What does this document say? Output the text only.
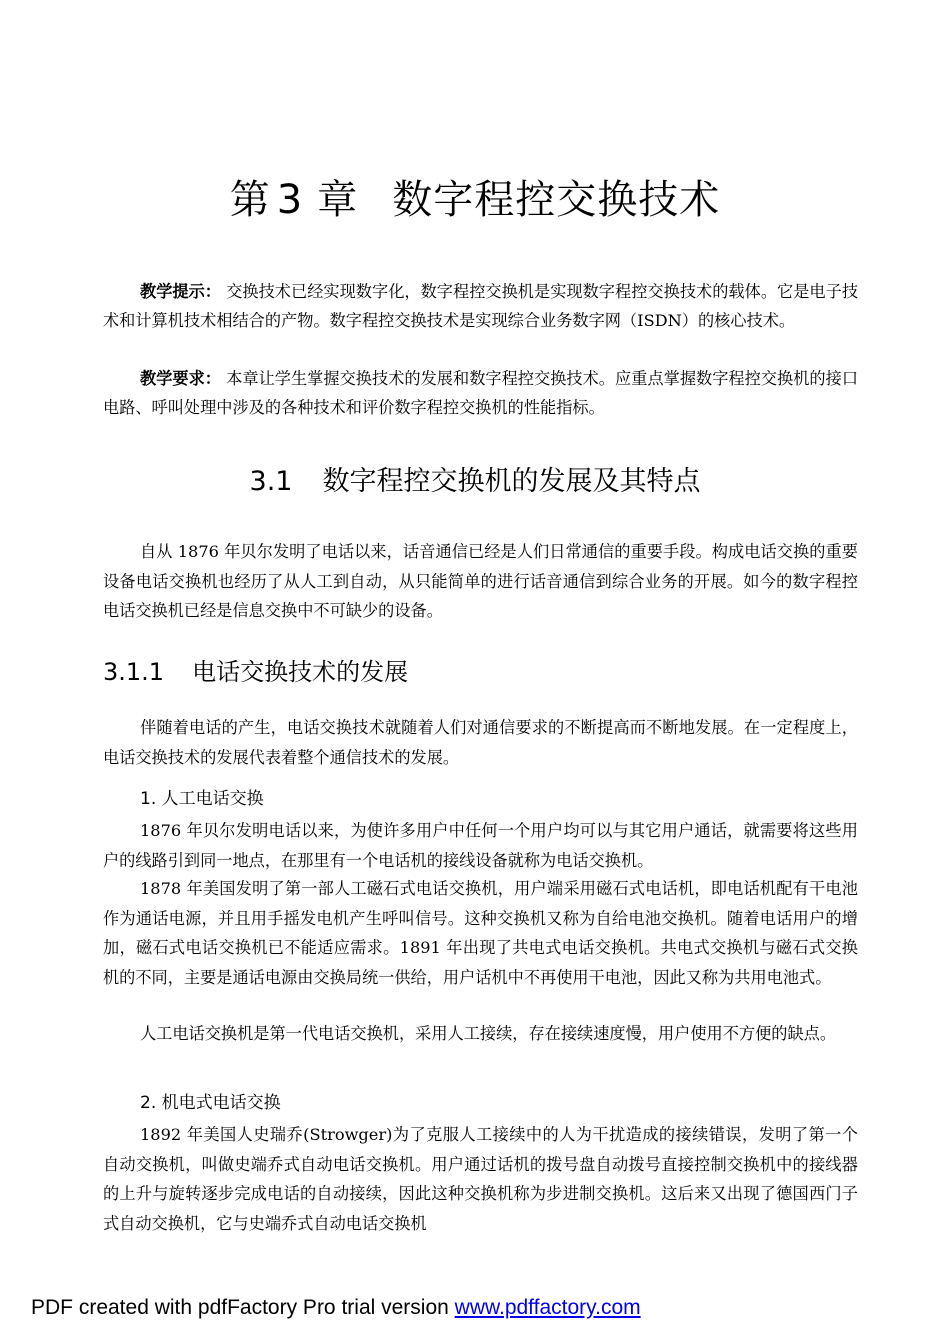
第 3 章 数字程控交换技术
教学提示： 交换技术已经实现数字化，数字程控交换机是实现数字程控交换技术的载体。它是电子技术和计算机技术相结合的产物。数字程控交换技术是实现综合业务数字网（ISDN）的核心技术。
教学要求： 本章让学生掌握交换技术的发展和数字程控交换技术。应重点掌握数字程控交换机的接口电路、呼叫处理中涉及的各种技术和评价数字程控交换机的性能指标。
3.1 数字程控交换机的发展及其特点
自从 1876 年贝尔发明了电话以来，话音通信已经是人们日常通信的重要手段。构成电话交换的重要设备电话交换机也经历了从人工到自动，从只能简单的进行话音通信到综合业务的开展。如今的数字程控电话交换机已经是信息交换中不可缺少的设备。
3.1.1 电话交换技术的发展
伴随着电话的产生，电话交换技术就随着人们对通信要求的不断提高而不断地发展。在一定程度上，电话交换技术的发展代表着整个通信技术的发展。
1. 人工电话交换
1876 年贝尔发明电话以来，为使许多用户中任何一个用户均可以与其它用户通话，就需要将这些用户的线路引到同一地点，在那里有一个电话机的接线设备就称为电话交换机。
1878 年美国发明了第一部人工磁石式电话交换机，用户端采用磁石式电话机，即电话机配有干电池作为通话电源，并且用手摇发电机产生呼叫信号。这种交换机又称为自给电池交换机。随着电话用户的增加，磁石式电话交换机已不能适应需求。1891 年出现了共电式电话交换机。共电式交换机与磁石式交换机的不同，主要是通话电源由交换局统一供给，用户话机中不再使用干电池，因此又称为共用电池式。
人工电话交换机是第一代电话交换机，采用人工接续，存在接续速度慢，用户使用不方便的缺点。
2. 机电式电话交换
1892 年美国人史瑞乔(Strowger)为了克服人工接续中的人为干扰造成的接续错误，发明了第一个自动交换机，叫做史端乔式自动电话交换机。用户通过话机的拨号盘自动拨号直接控制交换机中的接线器的上升与旋转逐步完成电话的自动接续，因此这种交换机称为步进制交换机。这后来又出现了德国西门子式自动交换机，它与史端乔式自动电话交换机
PDF created with pdfFactory Pro trial version www.pdffactory.com
